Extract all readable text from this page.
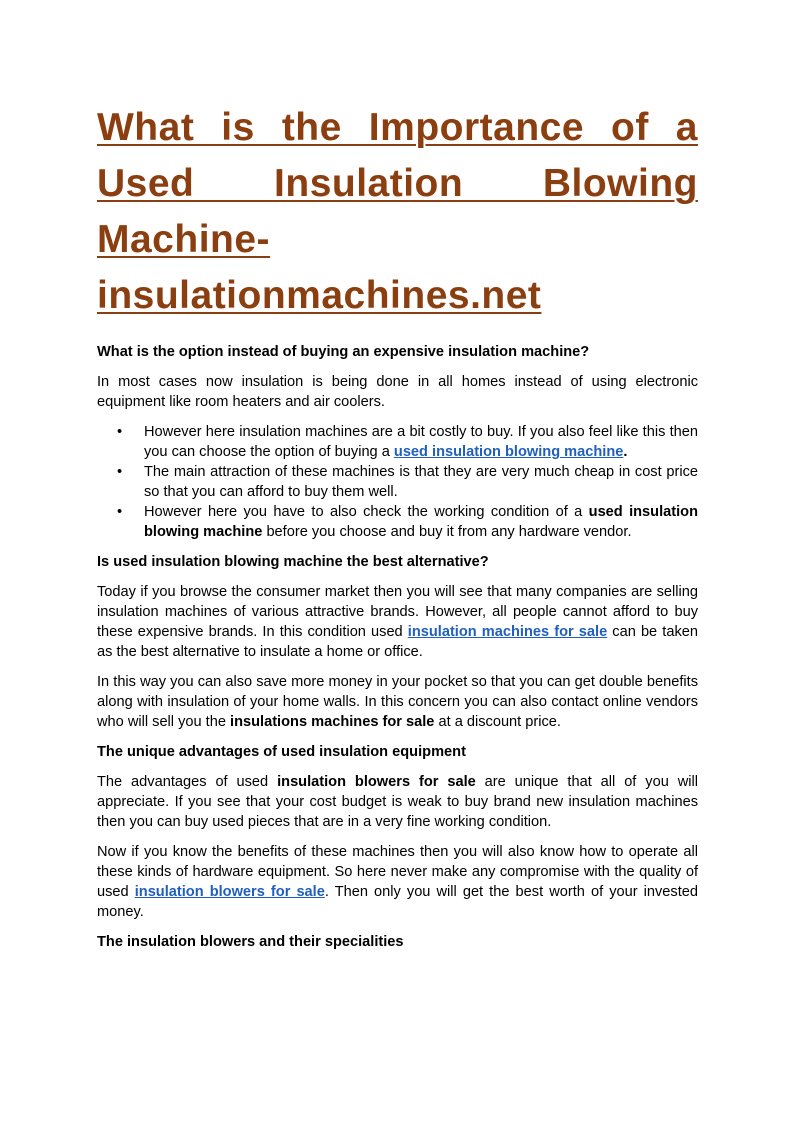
What is the Importance of a
Used Insulation Blowing
Machine-
insulationmachines.net
What is the option instead of buying an expensive insulation machine?

In most cases now insulation is being done in all homes instead of using electronic equipment like room heaters and air coolers.

• However here insulation machines are a bit costly to buy. If you also feel like this then you can choose the option of buying a used insulation blowing machine.
• The main attraction of these machines is that they are very much cheap in cost price so that you can afford to buy them well.
• However here you have to also check the working condition of a used insulation blowing machine before you choose and buy it from any hardware vendor.
Is used insulation blowing machine the best alternative?

Today if you browse the consumer market then you will see that many companies are selling insulation machines of various attractive brands. However, all people cannot afford to buy these expensive brands. In this condition used insulation machines for sale can be taken as the best alternative to insulate a home or office.

In this way you can also save more money in your pocket so that you can get double benefits along with insulation of your home walls. In this concern you can also contact online vendors who will sell you the insulations machines for sale at a discount price.

The unique advantages of used insulation equipment

The advantages of used insulation blowers for sale are unique that all of you will appreciate. If you see that your cost budget is weak to buy brand new insulation machines then you can buy used pieces that are in a very fine working condition.

Now if you know the benefits of these machines then you will also know how to operate all these kinds of hardware equipment. So here never make any compromise with the quality of used insulation blowers for sale. Then only you will get the best worth of your invested money.

The insulation blowers and their specialities
